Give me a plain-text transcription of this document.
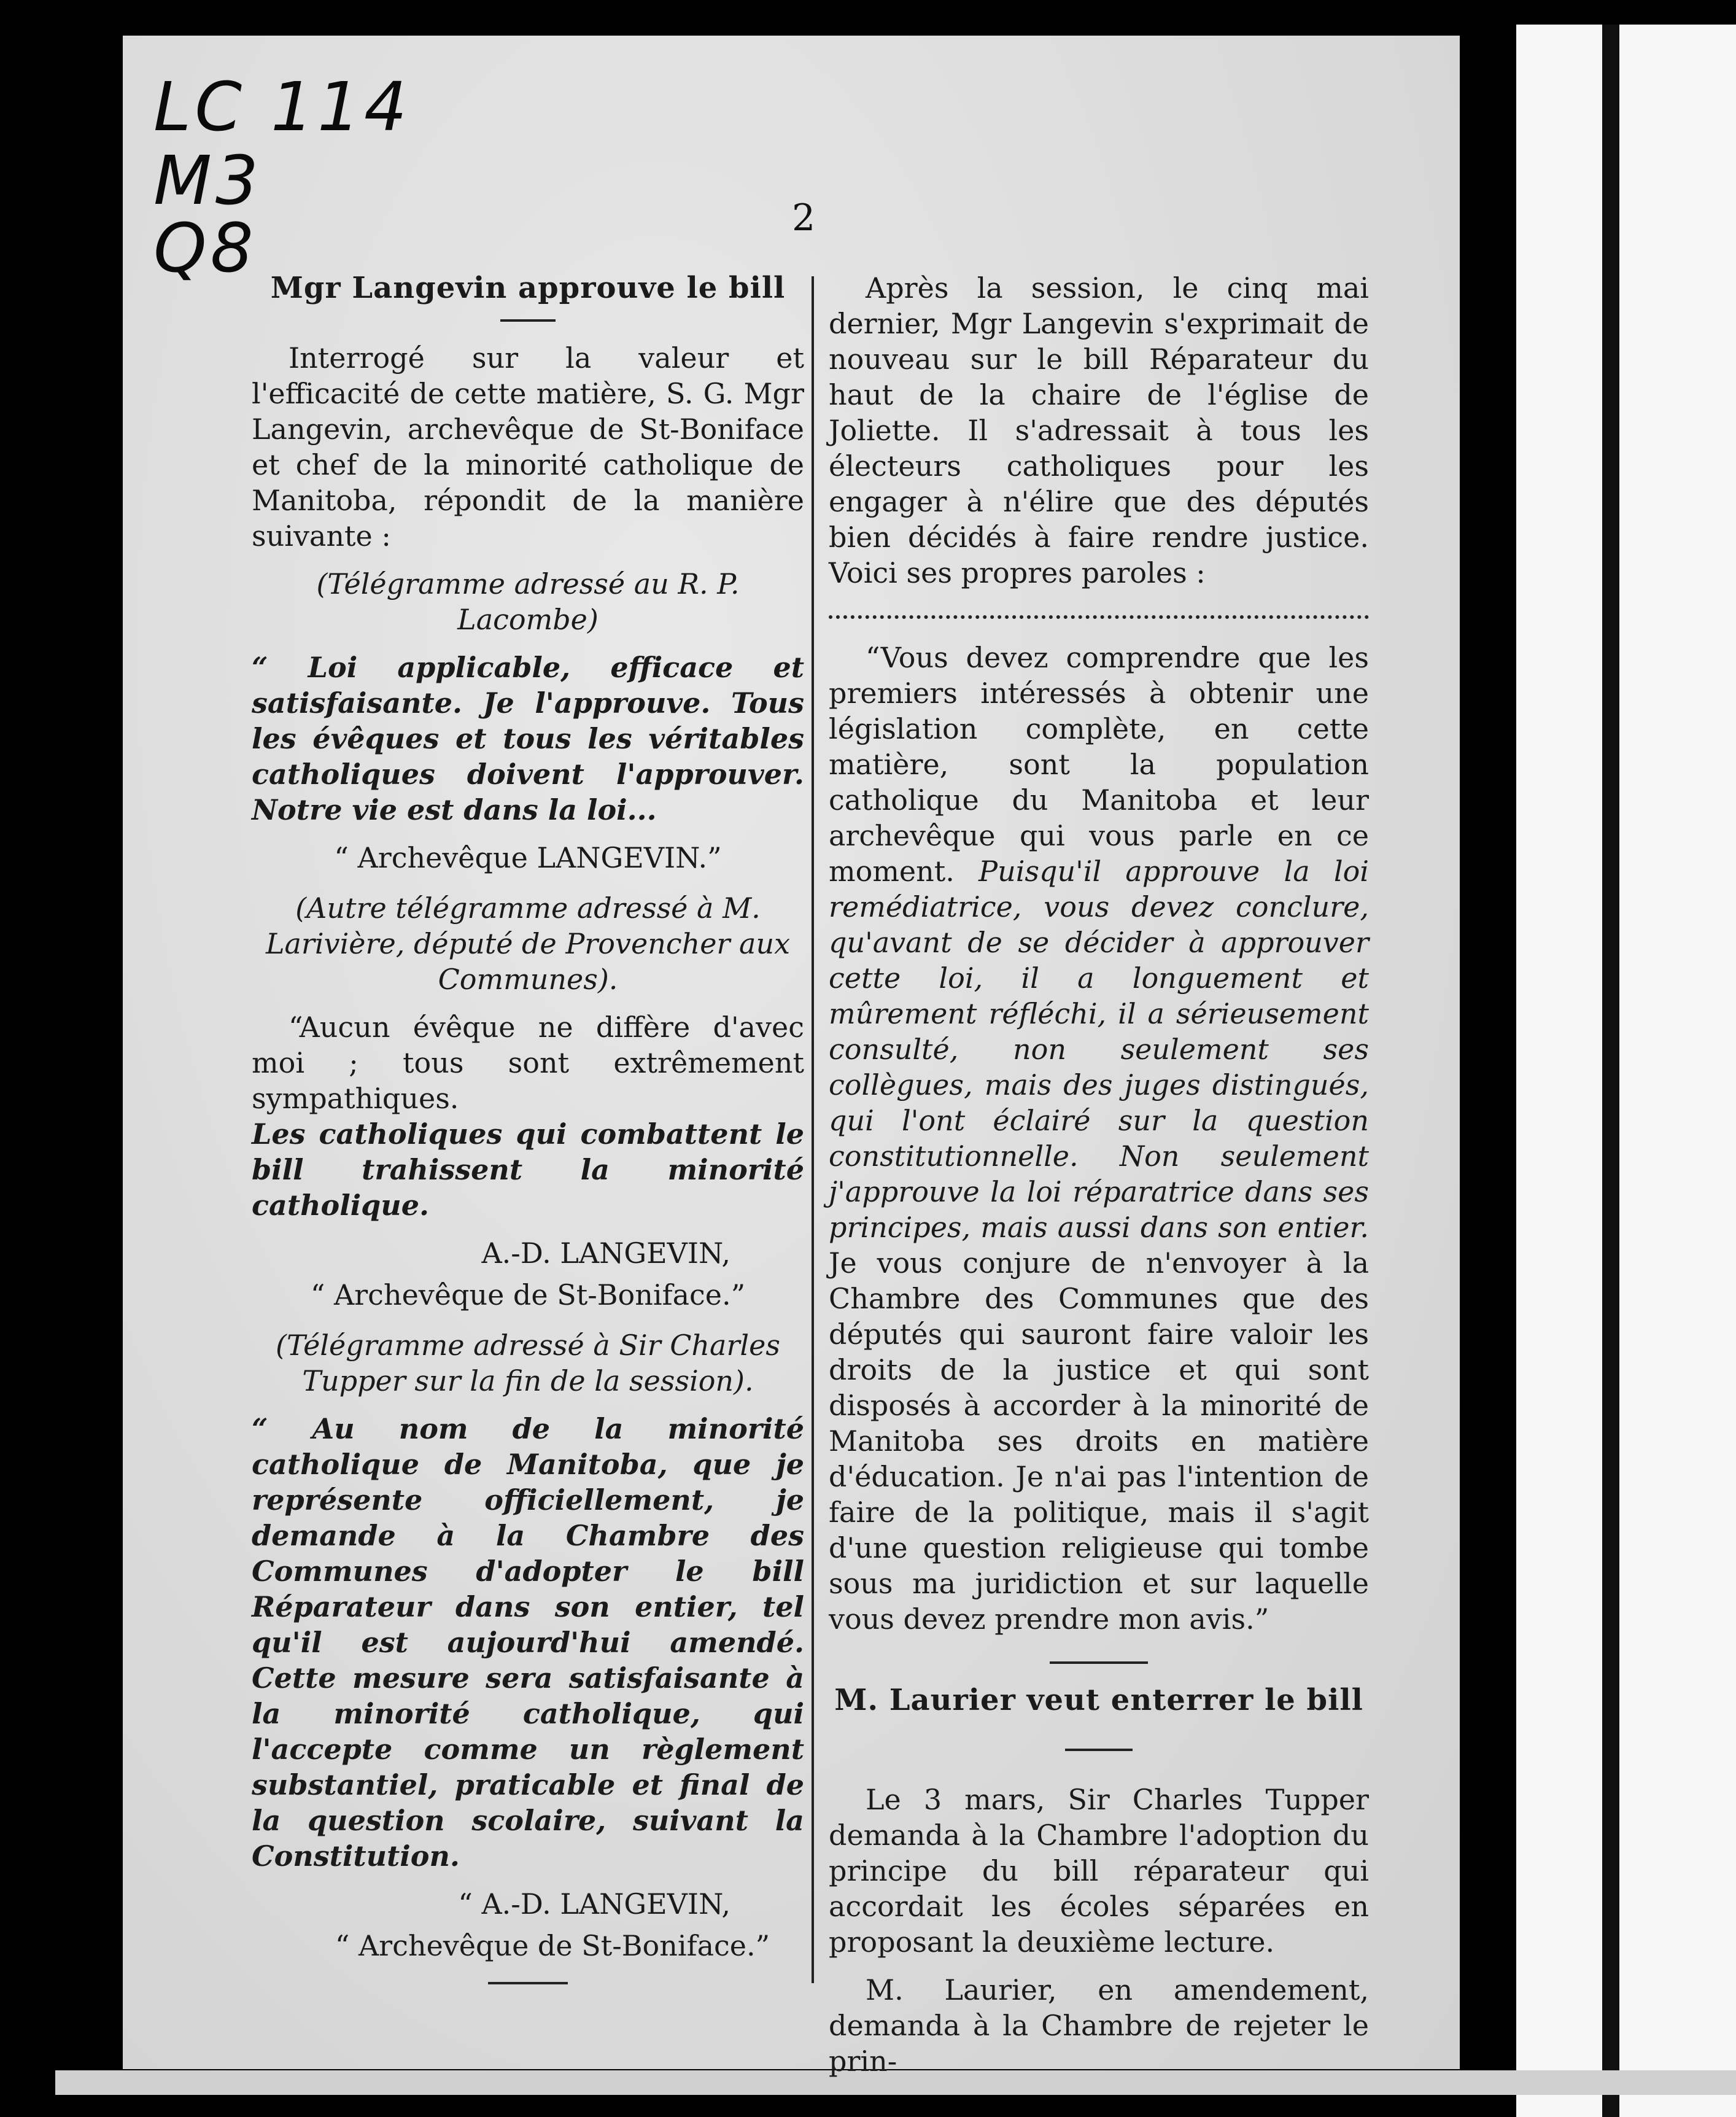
LC 114
M3
Q8	2
Mgr Langevin approuve le bill

Interrogé sur la valeur et l'efficacité de cette matière, S. G. Mgr Langevin, archevêque de St-Boniface et chef de la minorité catholique de Manitoba, répondit de la manière suivante :

(Télégramme adressé au R. P. Lacombe)

“ Loi applicable, efficace et satisfaisante. Je l'approuve. Tous les évêques et tous les véritables catholiques doivent l'approuver. Notre vie est dans la loi...

“ Archevêque LANGEVIN.”

(Autre télégramme adressé à M. Larivière, député de Provencher aux Communes).

“Aucun évêque ne diffère d'avec moi ; tous sont extrêmement sympathiques.

Les catholiques qui combattent le bill trahissent la minorité catholique.

A.-D. LANGEVIN,

“ Archevêque de St-Boniface.”

(Télégramme adressé à Sir Charles Tupper sur la fin de la session).

“ Au nom de la minorité catholique de Manitoba, que je représente officiellement, je demande à la Chambre des Communes d'adopter le bill Réparateur dans son entier, tel qu'il est aujourd'hui amendé. Cette mesure sera satisfaisante à la minorité catholique, qui l'accepte comme un règlement substantiel, praticable et final de la question scolaire, suivant la Constitution.

“ A.-D. LANGEVIN,

“ Archevêque de St-Boniface.”

Après la session, le cinq mai dernier, Mgr Langevin s'exprimait de nouveau sur le bill Réparateur du haut de la chaire de l'église de Joliette. Il s'adressait à tous les électeurs catholiques pour les engager à n'élire que des députés bien décidés à faire rendre justice. Voici ses propres paroles :

“Vous devez comprendre que les premiers intéressés à obtenir une législation complète, en cette matière, sont la population catholique du Manitoba et leur archevêque qui vous parle en ce moment. Puisqu'il approuve la loi remédiatrice, vous devez conclure, qu'avant de se décider à approuver cette loi, il a longuement et mûrement réfléchi, il a sérieusement consulté, non seulement ses collègues, mais des juges distingués, qui l'ont éclairé sur la question constitutionnelle. Non seulement j'approuve la loi réparatrice dans ses principes, mais aussi dans son entier. Je vous conjure de n'envoyer à la Chambre des Communes que des députés qui sauront faire valoir les droits de la justice et qui sont disposés à accorder à la minorité de Manitoba ses droits en matière d'éducation. Je n'ai pas l'intention de faire de la politique, mais il s'agit d'une question religieuse qui tombe sous ma juridiction et sur laquelle vous devez prendre mon avis.”

M. Laurier veut enterrer le bill

Le 3 mars, Sir Charles Tupper demanda à la Chambre l'adoption du principe du bill réparateur qui accordait les écoles séparées en proposant la deuxième lecture.

M. Laurier, en amendement, demanda à la Chambre de rejeter le prin-
